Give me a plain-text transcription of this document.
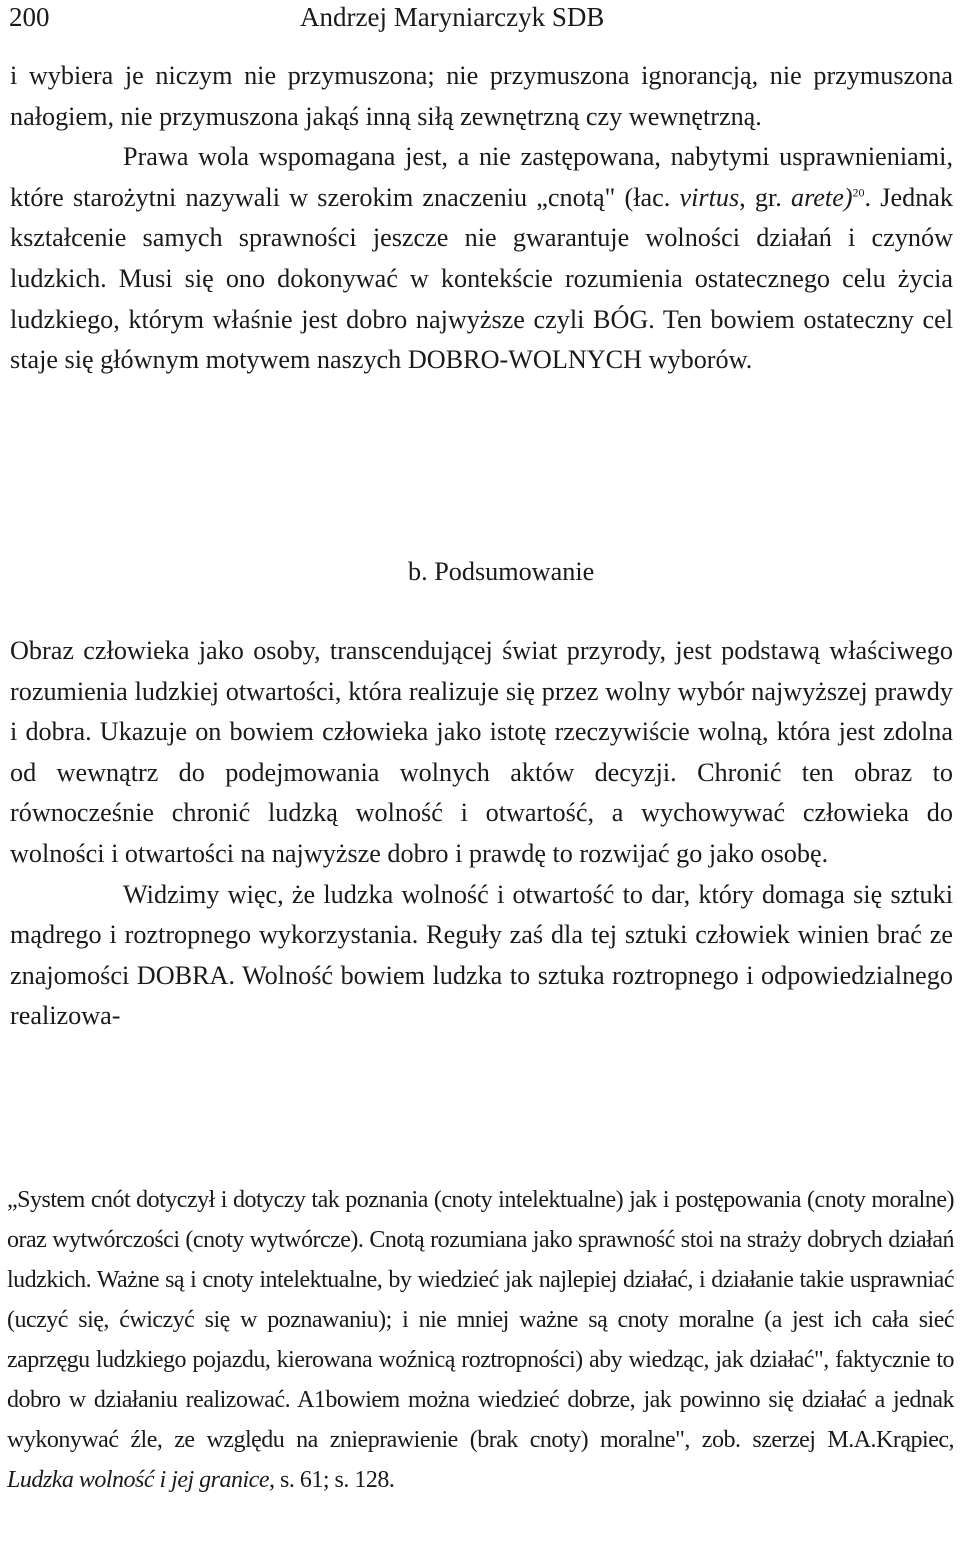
200	Andrzej Maryniarczyk SDB

i wybiera je niczym nie przymuszona; nie przymuszona ignorancją, nie przymuszona nałogiem, nie przymuszona jakąś inną siłą zewnętrzną czy wewnętrzną.

Prawa wola wspomagana jest, a nie zastępowana, nabytymi usprawnieniami, które starożytni nazywali w szerokim znaczeniu „cnotą" (łac. virtus, gr. arete)$^{20}$. Jednak kształcenie samych sprawności jeszcze nie gwarantuje wolności działań i czynów ludzkich. Musi się ono dokonywać w kontekście rozumienia ostatecznego celu życia ludzkiego, którym właśnie jest dobro najwyższe czyli BÓG. Ten bowiem ostateczny cel staje się głównym motywem naszych DOBRO-WOLNYCH wyborów.

b. Podsumowanie

Obraz człowieka jako osoby, transcendującej świat przyrody, jest podstawą właściwego rozumienia ludzkiej otwartości, która realizuje się przez wolny wybór najwyższej prawdy i dobra. Ukazuje on bowiem człowieka jako istotę rzeczywiście wolną, która jest zdolna od wewnątrz do podejmowania wolnych aktów decyzji. Chronić ten obraz to równocześnie chronić ludzką wolność i otwartość, a wychowywać człowieka do wolności i otwartości na najwyższe dobro i prawdę to rozwijać go jako osobę.

Widzimy więc, że ludzka wolność i otwartość to dar, który domaga się sztuki mądrego i roztropnego wykorzystania. Reguły zaś dla tej sztuki człowiek winien brać ze znajomości DOBRA. Wolność bowiem ludzka to sztuka roztropnego i odpowiedzialnego realizowa-

„System cnót dotyczył i dotyczy tak poznania (cnoty intelektualne) jak i postępowania (cnoty moralne) oraz wytwórczości (cnoty wytwórcze). Cnotą rozumiana jako sprawność stoi na straży dobrych działań ludzkich. Ważne są i cnoty intelektualne, by wiedzieć jak najlepiej działać, i działanie takie usprawniać (uczyć się, ćwiczyć się w poznawaniu); i nie mniej ważne są cnoty moralne (a jest ich cała sieć zaprzęgu ludzkiego pojazdu, kierowana woźnicą roztropności) aby wiedząc, jak działać", faktycznie to dobro w działaniu realizować. A1bowiem można wiedzieć dobrze, jak powinno się działać a jednak wykonywać źle, ze względu na znieprawienie (brak cnoty) moralne", zob. szerzej M.A.Krąpiec, Ludzka wolność i jej granice, s. 61; s. 128.
